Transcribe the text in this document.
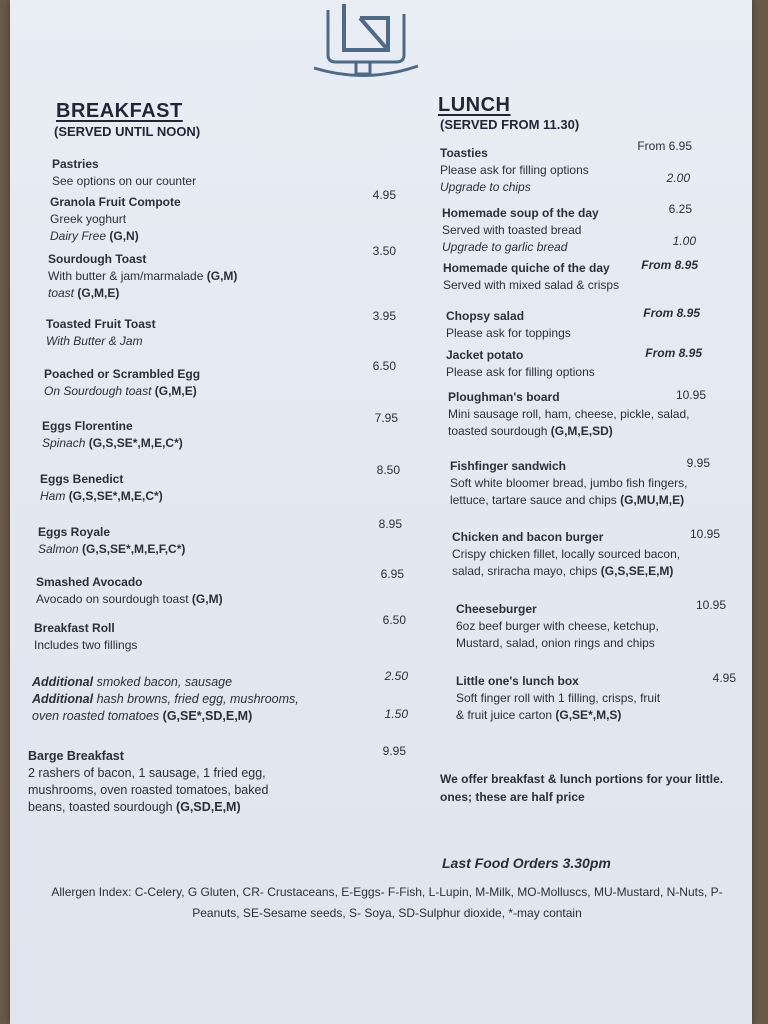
BREAKFAST
(SERVED UNTIL NOON)
Pastries
See options on our counter
Granola Fruit Compote
Greek yoghurt
Dairy Free (G,N)
4.95
Sourdough Toast
With butter & jam/marmalade (G,M)
toast (G,M,E)
3.50
Toasted Fruit Toast
With Butter & Jam
3.95
Poached or Scrambled Egg
On Sourdough toast (G,M,E)
6.50
Eggs Florentine
Spinach (G,S,SE*,M,E,C*)
7.95
Eggs Benedict
Ham (G,S,SE*,M,E,C*)
8.50
Eggs Royale
Salmon (G,S,SE*,M,E,F,C*)
8.95
Smashed Avocado
Avocado on sourdough toast (G,M)
6.95
Breakfast Roll
Includes two fillings
6.50
Additional smoked bacon, sausage
Additional hash browns, fried egg, mushrooms,
oven roasted tomatoes (G,SE*,SD,E,M)
2.50
1.50
Barge Breakfast
2 rashers of bacon, 1 sausage, 1 fried egg,
mushrooms, oven roasted tomatoes, baked
beans, toasted sourdough (G,SD,E,M)
9.95
LUNCH
(SERVED FROM 11.30)
Toasties
Please ask for filling options
Upgrade to chips
From 6.95
2.00
Homemade soup of the day
Served with toasted bread
Upgrade to garlic bread
6.25
1.00
Homemade quiche of the day
Served with mixed salad & crisps
From 8.95
Chopsy salad
Please ask for toppings
From 8.95
Jacket potato
Please ask for filling options
From 8.95
Ploughman's board
Mini sausage roll, ham, cheese, pickle, salad,
toasted sourdough (G,M,E,SD)
10.95
Fishfinger sandwich
Soft white bloomer bread, jumbo fish fingers,
lettuce, tartare sauce and chips (G,MU,M,E)
9.95
Chicken and bacon burger
Crispy chicken fillet, locally sourced bacon,
salad, sriracha mayo, chips (G,S,SE,E,M)
10.95
Cheeseburger
6oz beef burger with cheese, ketchup,
Mustard, salad, onion rings and chips
10.95
Little one's lunch box
Soft finger roll with 1 filling, crisps, fruit
& fruit juice carton (G,SE*,M,S)
4.95
We offer breakfast & lunch portions for your little.
ones; these are half price
Last Food Orders 3.30pm
Allergen Index: C-Celery, G Gluten, CR- Crustaceans, E-Eggs- F-Fish, L-Lupin, M-Milk, MO-Molluscs, MU-Mustard, N-Nuts, P-
Peanuts, SE-Sesame seeds, S- Soya, SD-Sulphur dioxide, *-may contain
